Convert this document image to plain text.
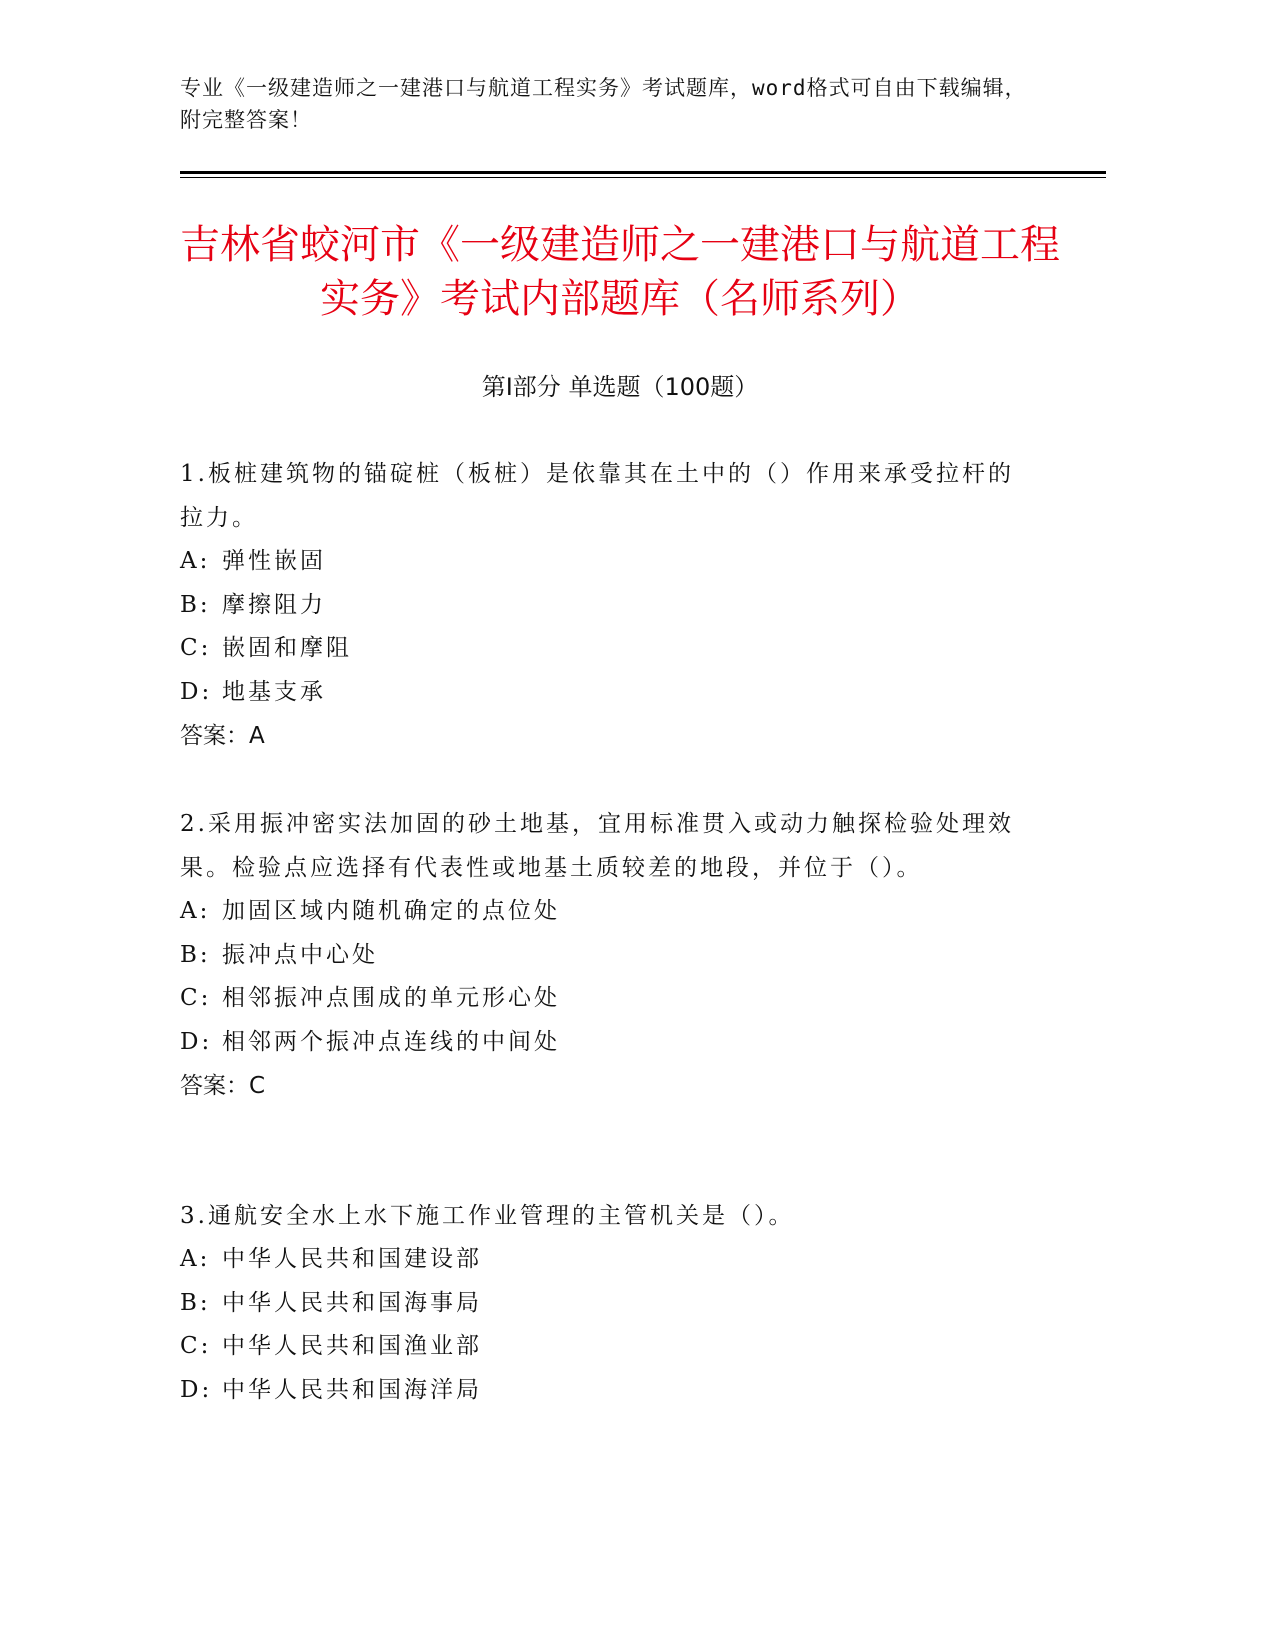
专业《一级建造师之一建港口与航道工程实务》考试题库，word格式可自由下载编辑，附完整答案！
吉林省蛟河市《一级建造师之一建港口与航道工程实务》考试内部题库（名师系列）
第Ⅰ部分 单选题（100题）

1.板桩建筑物的锚碇桩（板桩）是依靠其在土中的（）作用来承受拉杆的拉力。

A: 弹性嵌固

B: 摩擦阻力

C: 嵌固和摩阻

D: 地基支承

答案：A

2.采用振冲密实法加固的砂土地基，宜用标准贯入或动力触探检验处理效果。检验点应选择有代表性或地基土质较差的地段，并位于（）。

A: 加固区域内随机确定的点位处

B: 振冲点中心处

C: 相邻振冲点围成的单元形心处

D: 相邻两个振冲点连线的中间处

答案：C

3.通航安全水上水下施工作业管理的主管机关是（）。

A: 中华人民共和国建设部

B: 中华人民共和国海事局

C: 中华人民共和国渔业部

D: 中华人民共和国海洋局
